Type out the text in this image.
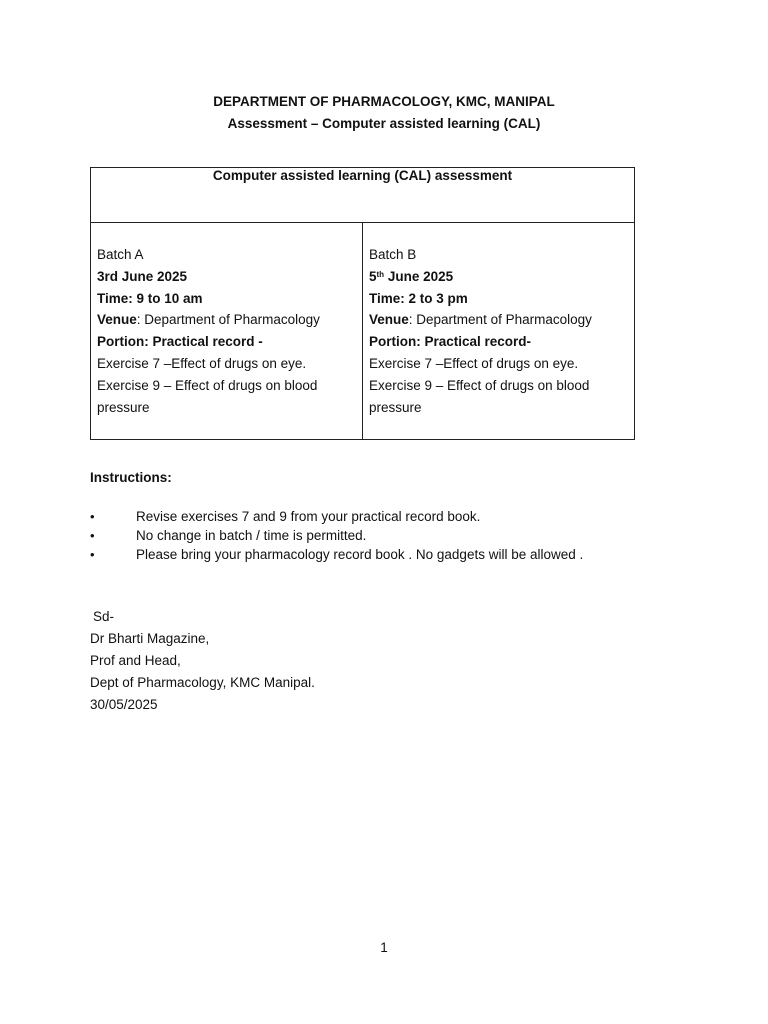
DEPARTMENT OF PHARMACOLOGY, KMC, MANIPAL
Assessment – Computer assisted learning (CAL)
Computer assisted learning (CAL) assessment

Batch A
3rd June 2025
Time: 9 to 10 am
Venue: Department of Pharmacology
Portion: Practical record -
Exercise 7 –Effect of drugs on eye.
Exercise 9 – Effect of drugs on blood
pressure

Batch B
5th June 2025
Time: 2 to 3 pm
Venue: Department of Pharmacology
Portion: Practical record-
Exercise 7 –Effect of drugs on eye.
Exercise 9 – Effect of drugs on blood
pressure
Instructions:
•	Revise exercises 7 and 9 from your practical record book.
•	No change in batch / time is permitted.
•	Please bring your pharmacology record book . No gadgets will be allowed .
Sd-
Dr Bharti Magazine,
Prof and Head,
Dept of Pharmacology, KMC Manipal.
30/05/2025
1
